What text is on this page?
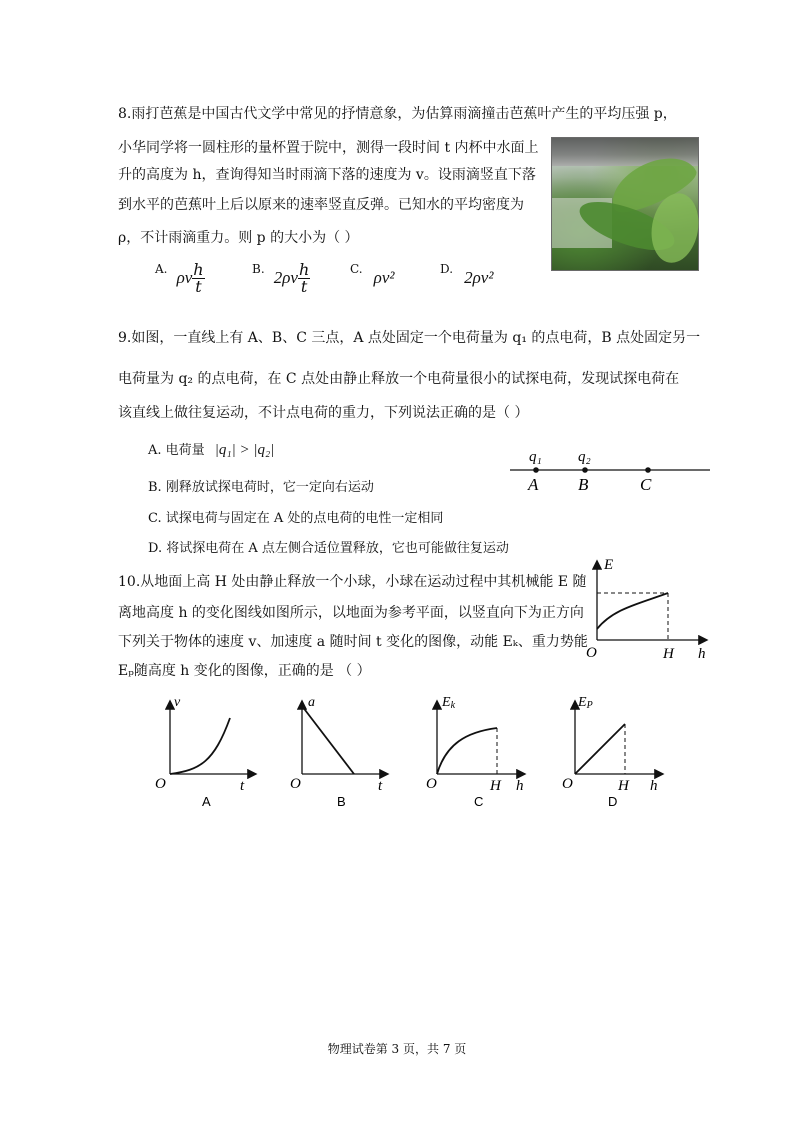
8.雨打芭蕉是中国古代文学中常见的抒情意象，为估算雨滴撞击芭蕉叶产生的平均压强 p，
小华同学将一圆柱形的量杯置于院中，测得一段时间 t 内杯中水面上
升的高度为 h，查询得知当时雨滴下落的速度为 v。设雨滴竖直下落
到水平的芭蕉叶上后以原来的速率竖直反弹。已知水的平均密度为
ρ，不计雨滴重力。则 p 的大小为（ ）
$^{A.}$ ρv $\frac{h}{t}$	$^{B.}$ $2\rho v \frac{h}{t}$	$^{C.}$ ρv²	$^{D.}$ 2ρv²
9.如图，一直线上有 A、B、C 三点，A 点处固定一个电荷量为 q₁ 的点电荷，B 点处固定另一
电荷量为 q₂ 的点电荷，在 C 点处由静止释放一个电荷量很小的试探电荷，发现试探电荷在
该直线上做往复运动，不计点电荷的重力，下列说法正确的是（ ）
A. 电荷量 |q₁| > |q₂|
B. 刚释放试探电荷时，它一定向右运动
C. 试探电荷与固定在 A 处的点电荷的电性一定相同
D. 将试探电荷在 A 点左侧合适位置释放，它也可能做往复运动
q₁ q₂
A B	C
10.从地面上高 H 处由静止释放一个小球，小球在运动过程中其机械能 E 随
离地高度 h 的变化图线如图所示，以地面为参考平面，以竖直向下为正方向
下列关于物体的速度 v、加速度 a 随时间 t 变化的图像，动能 Eₖ、重力势能
Eₚ随高度 h 变化的图像，正确的是 （ ）
E
h
O	H
v
t
O
A
a
t
O
B
Ek
h
O	H
C
EP
h
O	H
D
物理试卷第 3 页，共 7 页
